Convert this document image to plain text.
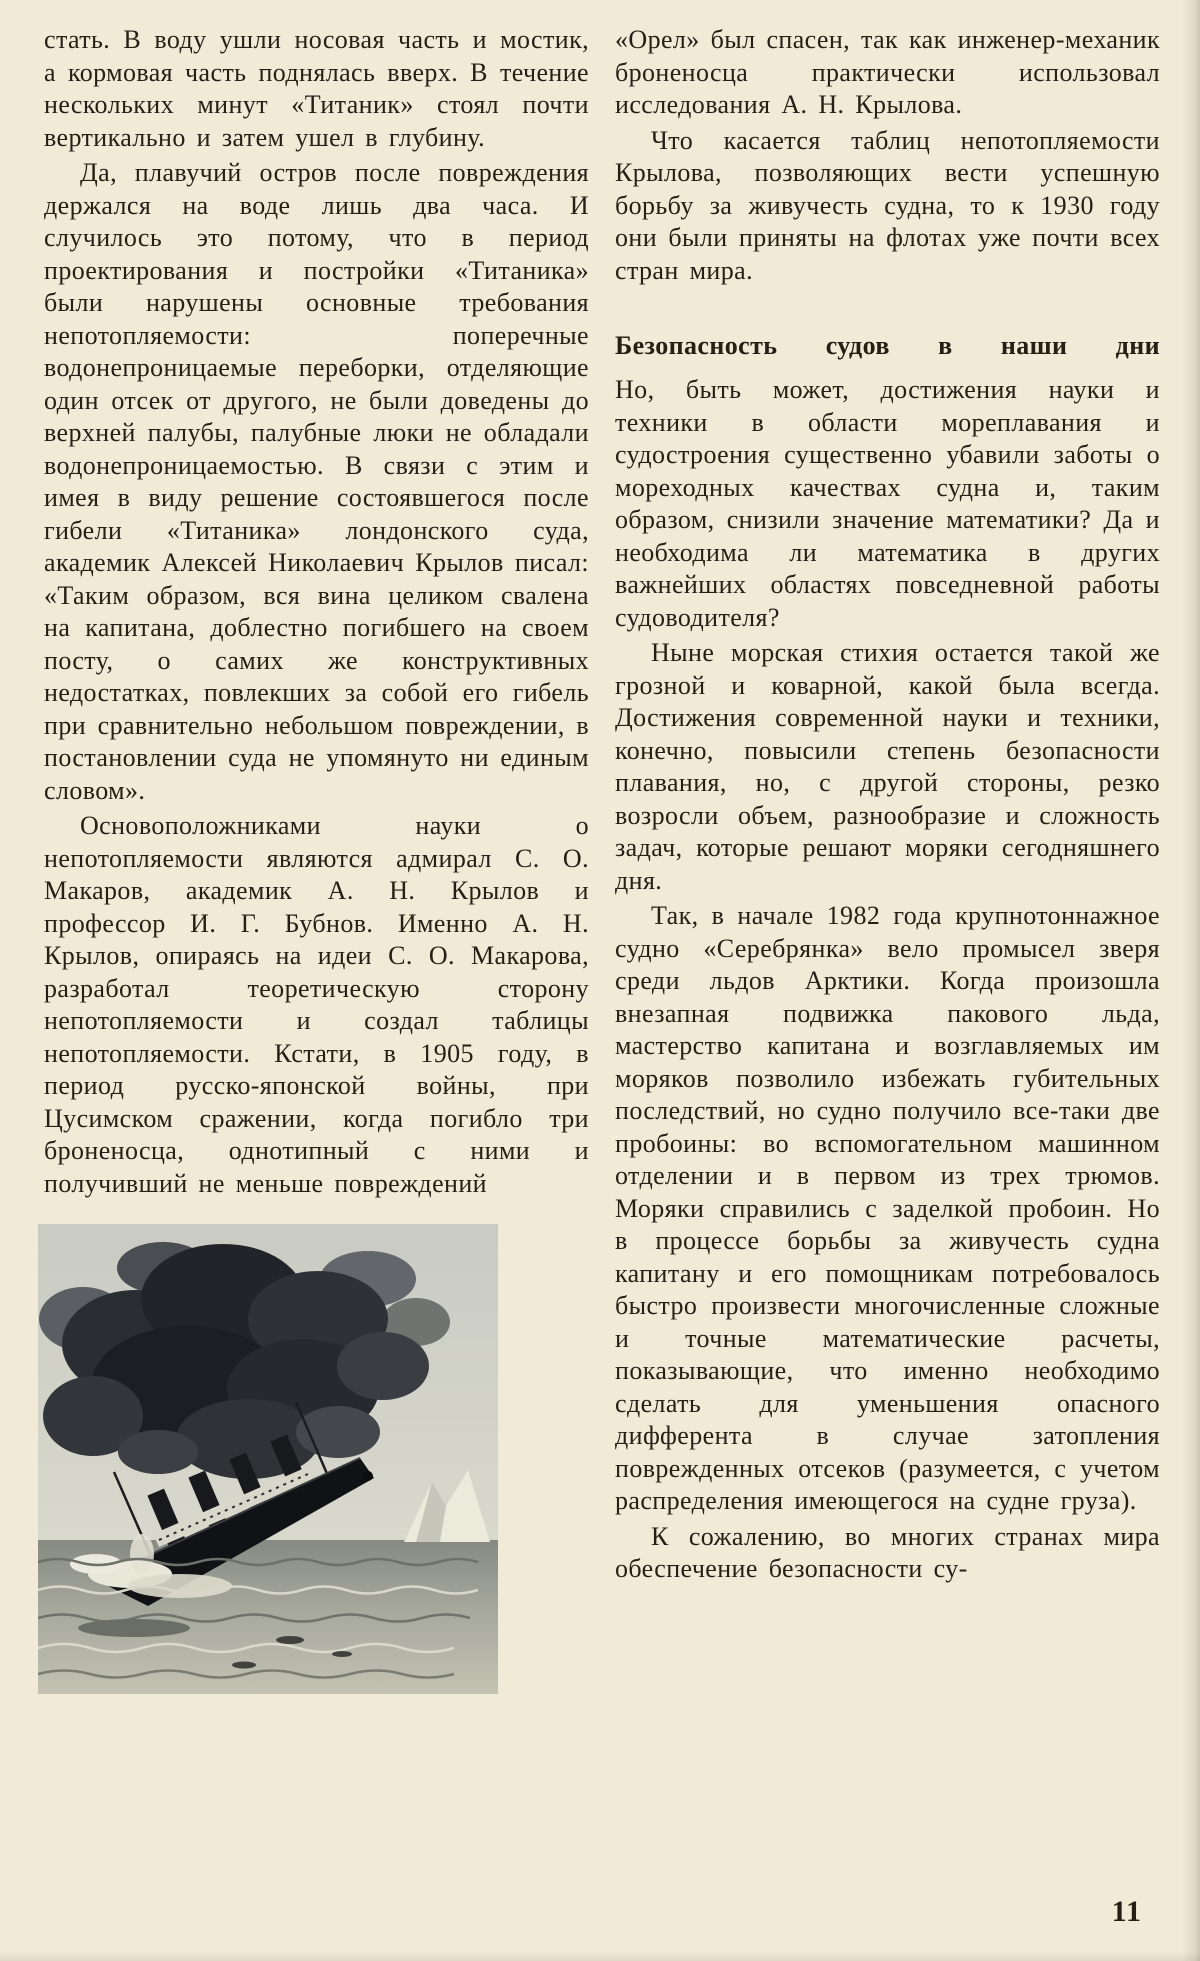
стать. В воду ушли носовая часть и мостик, а кормовая часть поднялась вверх. В течение нескольких минут «Титаник» стоял почти вертикально и затем ушел в глубину.

Да, плавучий остров после повреждения держался на воде лишь два часа. И случилось это потому, что в период проектирования и постройки «Титаника» были нарушены основные требования непотопляемости: поперечные водонепроницаемые переборки, отделяющие один отсек от другого, не были доведены до верхней палубы, палубные люки не обладали водонепроницаемостью. В связи с этим и имея в виду решение состоявшегося после гибели «Титаника» лондонского суда, академик Алексей Николаевич Крылов писал: «Таким образом, вся вина целиком свалена на капитана, доблестно погибшего на своем посту, о самих же конструктивных недостатках, повлекших за собой его гибель при сравнительно небольшом повреждении, в постановлении суда не упомянуто ни единым словом».

Основоположниками науки о непотопляемости являются адмирал С. О. Макаров, академик А. Н. Крылов и профессор И. Г. Бубнов. Именно А. Н. Крылов, опираясь на идеи С. О. Макарова, разработал теоретическую сторону непотопляемости и создал таблицы непотопляемости. Кстати, в 1905 году, в период русско-японской войны, при Цусимском сражении, когда погибло три броненосца, однотипный с ними и получивший не меньше повреждений

«Орел» был спасен, так как инженер-механик броненосца практически использовал исследования А. Н. Крылова.

Что касается таблиц непотопляемости Крылова, позволяющих вести успешную борьбу за живучесть судна, то к 1930 году они были приняты на флотах уже почти всех стран мира.

Безопасность судов в наши дни

Но, быть может, достижения науки и техники в области мореплавания и судостроения существенно убавили заботы о мореходных качествах судна и, таким образом, снизили значение математики? Да и необходима ли математика в других важнейших областях повседневной работы судоводителя?

Ныне морская стихия остается такой же грозной и коварной, какой была всегда. Достижения современной науки и техники, конечно, повысили степень безопасности плавания, но, с другой стороны, резко возросли объем, разнообразие и сложность задач, которые решают моряки сегодняшнего дня.

Так, в начале 1982 года крупнотоннажное судно «Серебрянка» вело промысел зверя среди льдов Арктики. Когда произошла внезапная подвижка пакового льда, мастерство капитана и возглавляемых им моряков позволило избежать губительных последствий, но судно получило все-таки две пробоины: во вспомогательном машинном отделении и в первом из трех трюмов. Моряки справились с заделкой пробоин. Но в процессе борьбы за живучесть судна капитану и его помощникам потребовалось быстро произвести многочисленные сложные и точные математические расчеты, показывающие, что именно необходимо сделать для уменьшения опасного дифферента в случае затопления поврежденных отсеков (разумеется, с учетом распределения имеющегося на судне груза).

К сожалению, во многих странах мира обеспечение безопасности су-

11
